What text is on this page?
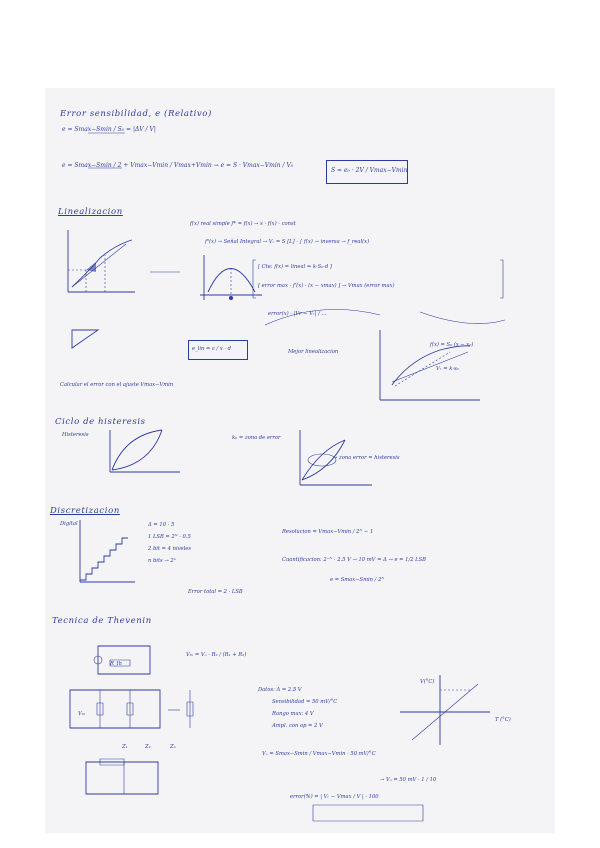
Error sensibilidad, e (Relativo)
e = Smax−Smin / S₀ = |ΔV / V|
e = Smax−Smin / 2 + Vmax−Vmin / Vmax+Vmin → e = S · Vmax−Vmin / V₀
S = e₀ · 2V / Vmax−Vmin
Linealizacion
f(x) real simple f* = f(x) → s · f(x) · const
fᵈ(x) → Señal Integral → Vᵣ = S [L] · ∫ f(x) → inversa → f_real(x)
[ Cte: f(x) = lineal ⇒ k·S₀·d ]
[ error max · f'(x) · (x − xmax) ] → Vmax (error max)
error(x) · |Vr − Vᵣ| / ...
e_lin = ε / x · d
Calcular el error con el ajuste Vmax−Vmin
Mejor linealizacion
f(x) = S₀ (x − x₀)
Vᵣ = k·s₀
Ciclo de histeresis
Histeresis	k₀ = zona de error
→ zona error = histeresis
Discretizacion
Digital	Δ = 10 · 5
1 LSB = 2ᴺ · 0.5
2 bit = 4 niveles
n bits → 2ⁿ
Resolucion = Vmax−Vmin / 2ᴺ − 1
Cuantificacion: 2⁻ᴺ · 2.5 V → 10 mV = Δ → e = 1/2 LSB
e = Smax−Smin / 2ᴺ
Error total = 2 · LSB
Tecnica de Thevenin
Vₜₕ = Vₒ · R₂ / (R₁ + R₂)
R_th
Vₜₕ
Z₁	Z₂	Zₙ
Datos: Δ = 2.5 V
Sensibilidad = 50 mV/°C
Rango max: 4 V
Ampl. con op = 2 V
Vₒ = Smax−Smin / Vmax−Vmin · 50 mV/°C
→ Vₒ = 50 mV · 1 / 10
error(%) = | Vᵣ − Vmax / V | · 100
V(°C)
T (°C)
